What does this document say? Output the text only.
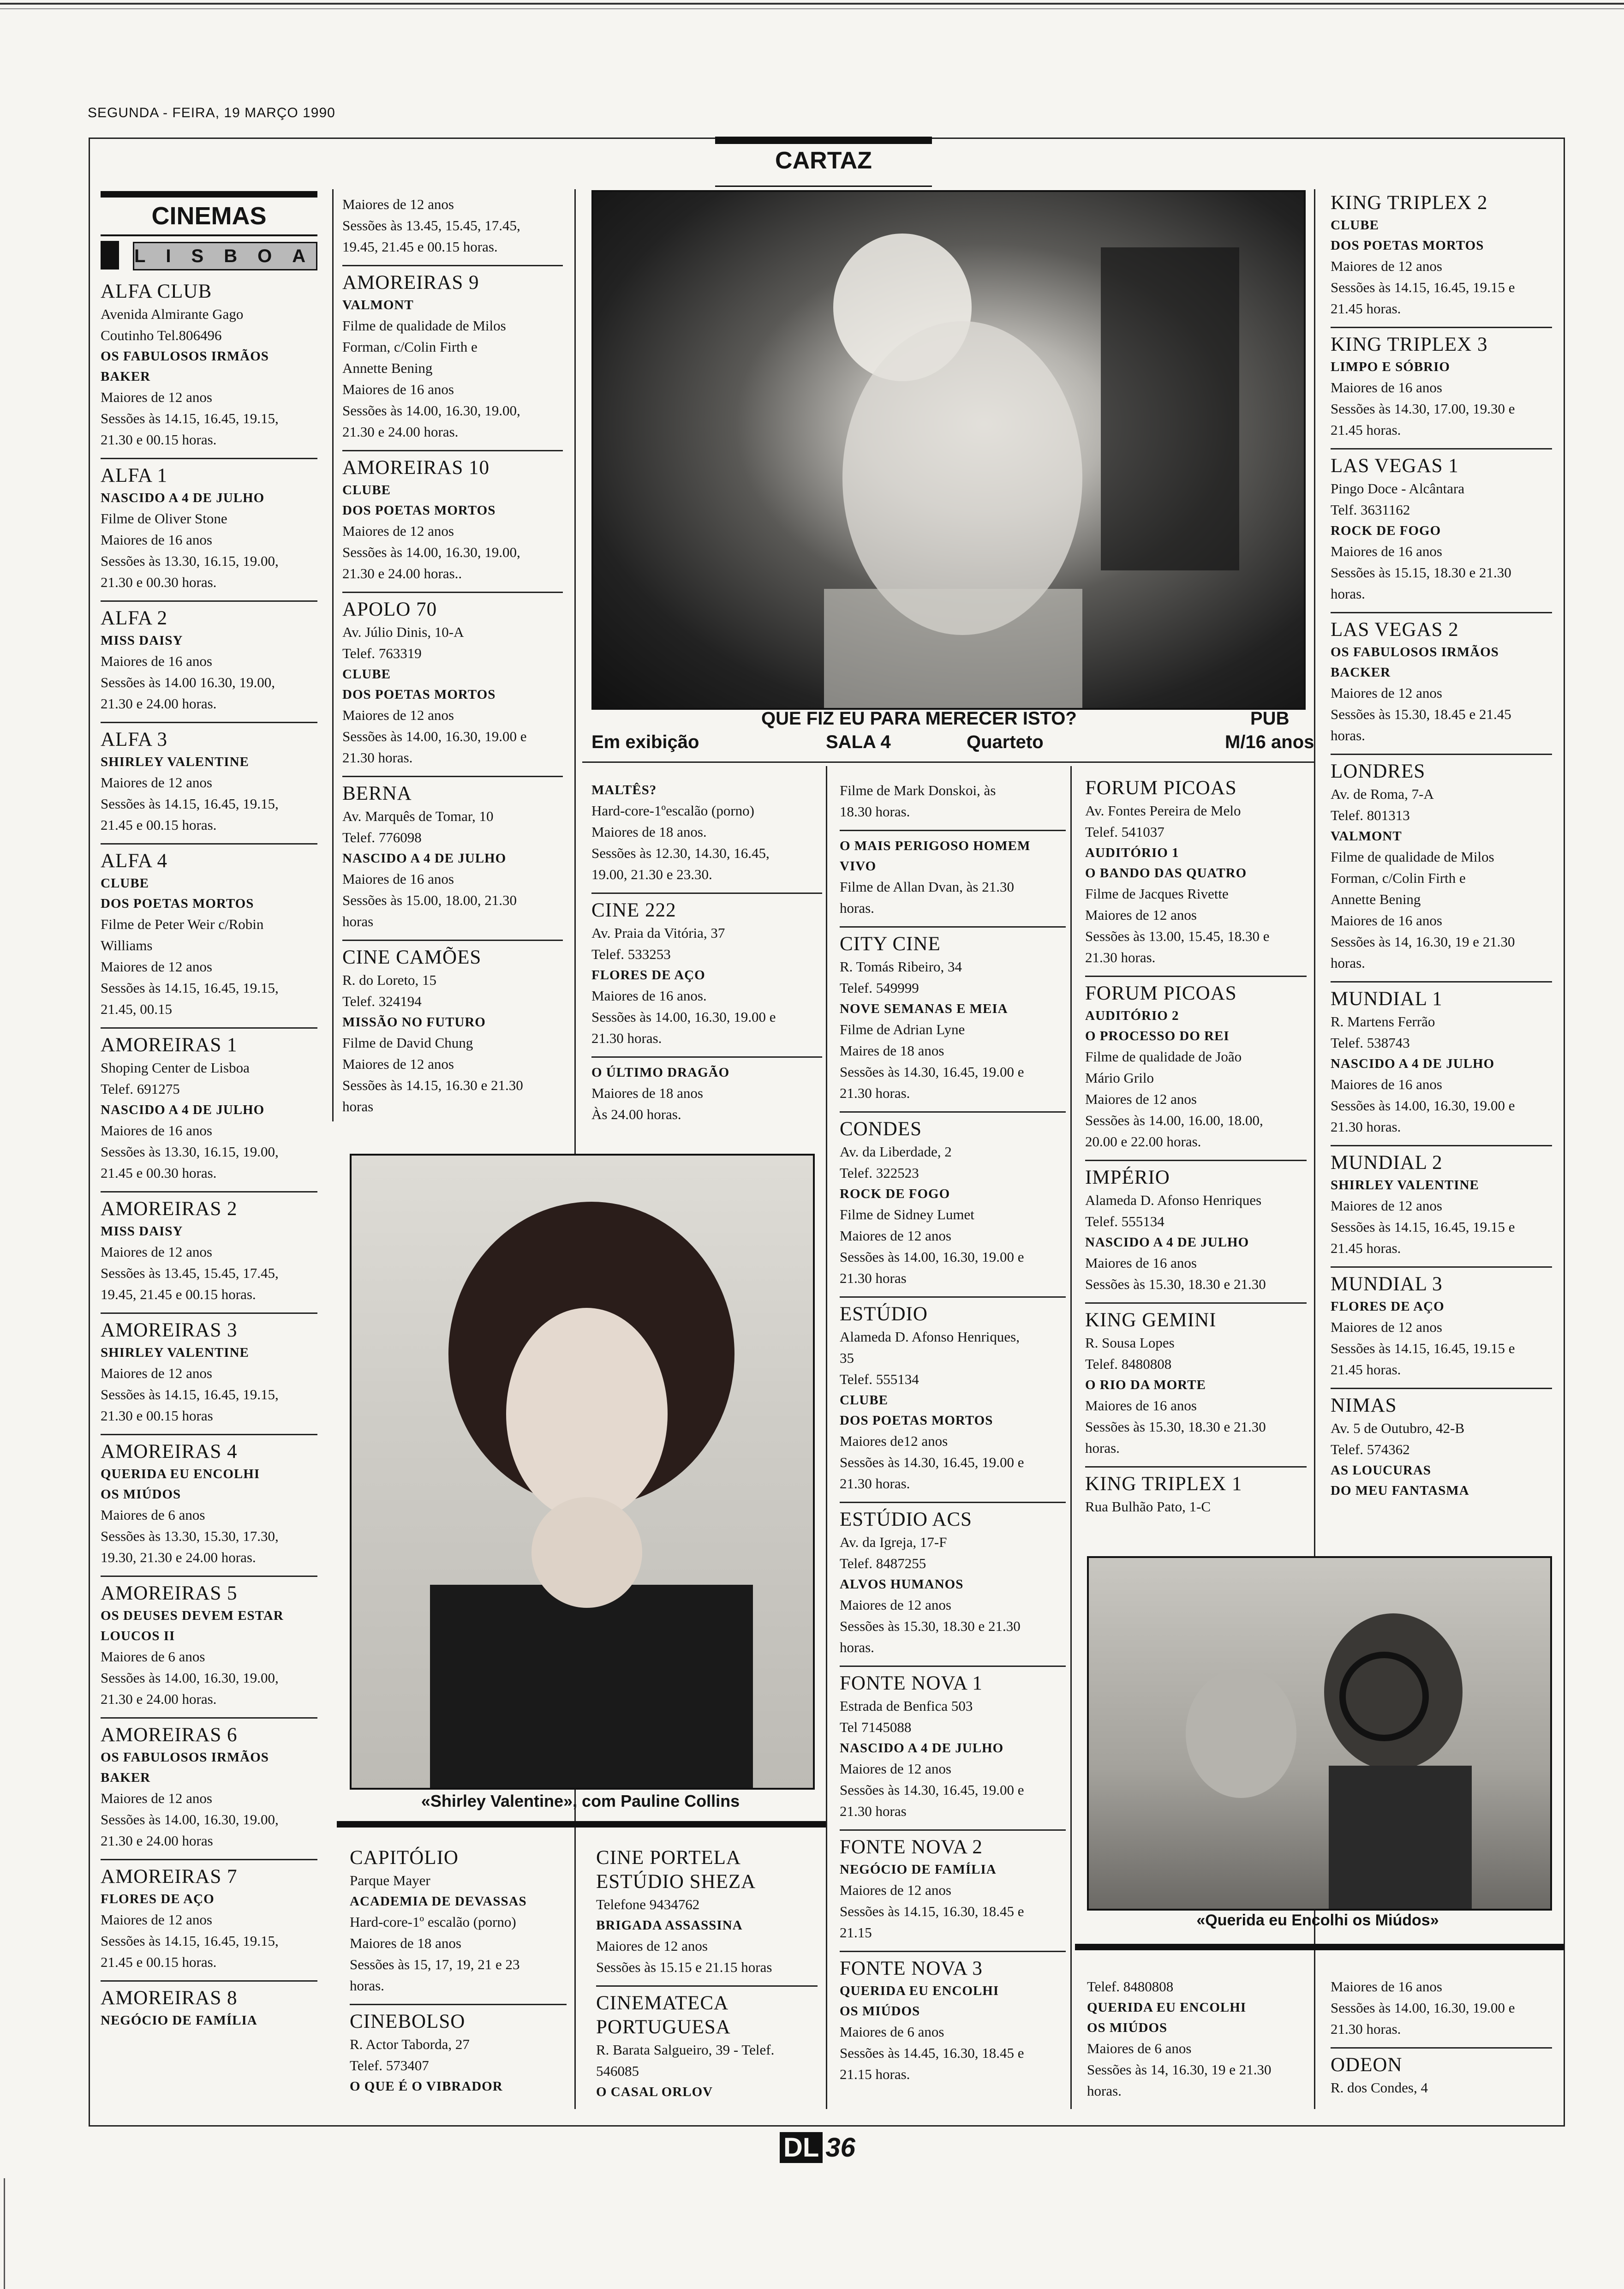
SEGUNDA - FEIRA, 19 MARÇO 1990
CARTAZ
CINEMAS
LISBOA
ALFA CLUB
Avenida Almirante Gago
Coutinho Tel.806496
OS FABULOSOS IRMÃOS
BAKER
Maiores de 12 anos
Sessões às 14.15, 16.45, 19.15,
21.30 e 00.15 horas.
ALFA 1
NASCIDO A 4 DE JULHO
Filme de Oliver Stone
Maiores de 16 anos
Sessões às 13.30, 16.15, 19.00,
21.30 e 00.30 horas.
ALFA 2
MISS DAISY
Maiores de 16 anos
Sessões às 14.00 16.30, 19.00,
21.30 e 24.00 horas.
ALFA 3
SHIRLEY VALENTINE
Maiores de 12 anos
Sessões às 14.15, 16.45, 19.15,
21.45 e 00.15 horas.
ALFA 4
CLUBE
DOS POETAS MORTOS
Filme de Peter Weir c/Robin
Williams
Maiores de 12 anos
Sessões às 14.15, 16.45, 19.15,
21.45, 00.15
AMOREIRAS 1
Shoping Center de Lisboa
Telef. 691275
NASCIDO A 4 DE JULHO
Maiores de 16 anos
Sessões às 13.30, 16.15, 19.00,
21.45 e 00.30 horas.
AMOREIRAS 2
MISS DAISY
Maiores de 12 anos
Sessões às 13.45, 15.45, 17.45,
19.45, 21.45 e 00.15 horas.
AMOREIRAS 3
SHIRLEY VALENTINE
Maiores de 12 anos
Sessões às 14.15, 16.45, 19.15,
21.30 e 00.15 horas
AMOREIRAS 4
QUERIDA EU ENCOLHI
OS MIÚDOS
Maiores de 6 anos
Sessões às 13.30, 15.30, 17.30,
19.30, 21.30 e 24.00 horas.
AMOREIRAS 5
OS DEUSES DEVEM ESTAR
LOUCOS II
Maiores de 6 anos
Sessões às 14.00, 16.30, 19.00,
21.30 e 24.00 horas.
AMOREIRAS 6
OS FABULOSOS IRMÃOS
BAKER
Maiores de 12 anos
Sessões às 14.00, 16.30, 19.00,
21.30 e 24.00 horas
AMOREIRAS 7
FLORES DE AÇO
Maiores de 12 anos
Sessões às 14.15, 16.45, 19.15,
21.45 e 00.15 horas.
AMOREIRAS 8
NEGÓCIO DE FAMÍLIA
Maiores de 12 anos
Sessões às 13.45, 15.45, 17.45,
19.45, 21.45 e 00.15 horas.
AMOREIRAS 9
VALMONT
Filme de qualidade de Milos
Forman, c/Colin Firth e
Annette Bening
Maiores de 16 anos
Sessões às 14.00, 16.30, 19.00,
21.30 e 24.00 horas.
AMOREIRAS 10
CLUBE
DOS POETAS MORTOS
Maiores de 12 anos
Sessões às 14.00, 16.30, 19.00,
21.30 e 24.00 horas..
APOLO 70
Av. Júlio Dinis, 10-A
Telef. 763319
CLUBE
DOS POETAS MORTOS
Maiores de 12 anos
Sessões às 14.00, 16.30, 19.00 e
21.30 horas.
BERNA
Av. Marquês de Tomar, 10
Telef. 776098
NASCIDO A 4 DE JULHO
Maiores de 16 anos
Sessões às 15.00, 18.00, 21.30
horas
CINE CAMÕES
R. do Loreto, 15
Telef. 324194
MISSÃO NO FUTURO
Filme de David Chung
Maiores de 12 anos
Sessões às 14.15, 16.30 e 21.30
horas
QUE FIZ EU PARA MERECER ISTO?	PUB
Em exibição	SALA 4	Quarteto	M/16 anos
MALTÊS?
Hard-core-1ºescalão (porno)
Maiores de 18 anos.
Sessões às 12.30, 14.30, 16.45,
19.00, 21.30 e 23.30.
CINE 222
Av. Praia da Vitória, 37
Telef. 533253
FLORES DE AÇO
Maiores de 16 anos.
Sessões às 14.00, 16.30, 19.00 e
21.30 horas.
O ÚLTIMO DRAGÃO
Maiores de 18 anos
Às 24.00 horas.
Filme de Mark Donskoi, às
18.30 horas.
O MAIS PERIGOSO HOMEM
VIVO
Filme de Allan Dvan, às 21.30
horas.
CITY CINE
R. Tomás Ribeiro, 34
Telef. 549999
NOVE SEMANAS E MEIA
Filme de Adrian Lyne
Maires de 18 anos
Sessões às 14.30, 16.45, 19.00 e
21.30 horas.
CONDES
Av. da Liberdade, 2
Telef. 322523
ROCK DE FOGO
Filme de Sidney Lumet
Maiores de 12 anos
Sessões às 14.00, 16.30, 19.00 e
21.30 horas
ESTÚDIO
Alameda D. Afonso Henriques,
35
Telef. 555134
CLUBE
DOS POETAS MORTOS
Maiores de12 anos
Sessões às 14.30, 16.45, 19.00 e
21.30 horas.
ESTÚDIO ACS
Av. da Igreja, 17-F
Telef. 8487255
ALVOS HUMANOS
Maiores de 12 anos
Sessões às 15.30, 18.30 e 21.30
horas.
FONTE NOVA 1
Estrada de Benfica 503
Tel 7145088
NASCIDO A 4 DE JULHO
Maiores de 12 anos
Sessões às 14.30, 16.45, 19.00 e
21.30 horas
FONTE NOVA 2
NEGÓCIO DE FAMÍLIA
Maiores de 12 anos
Sessões às 14.15, 16.30, 18.45 e
21.15
FONTE NOVA 3
QUERIDA EU ENCOLHI
OS MIÚDOS
Maiores de 6 anos
Sessões às 14.45, 16.30, 18.45 e
21.15 horas.
FORUM PICOAS
Av. Fontes Pereira de Melo
Telef. 541037
AUDITÓRIO 1
O BANDO DAS QUATRO
Filme de Jacques Rivette
Maiores de 12 anos
Sessões às 13.00, 15.45, 18.30 e
21.30 horas.
FORUM PICOAS
AUDITÓRIO 2
O PROCESSO DO REI
Filme de qualidade de João
Mário Grilo
Maiores de 12 anos
Sessões às 14.00, 16.00, 18.00,
20.00 e 22.00 horas.
IMPÉRIO
Alameda D. Afonso Henriques
Telef. 555134
NASCIDO A 4 DE JULHO
Maiores de 16 anos
Sessões às 15.30, 18.30 e 21.30
KING GEMINI
R. Sousa Lopes
Telef. 8480808
O RIO DA MORTE
Maiores de 16 anos
Sessões às 15.30, 18.30 e 21.30
horas.
KING TRIPLEX 1
Rua Bulhão Pato, 1-C
KING TRIPLEX 2
CLUBE
DOS POETAS MORTOS
Maiores de 12 anos
Sessões às 14.15, 16.45, 19.15 e
21.45 horas.
KING TRIPLEX 3
LIMPO E SÓBRIO
Maiores de 16 anos
Sessões às 14.30, 17.00, 19.30 e
21.45 horas.
LAS VEGAS 1
Pingo Doce - Alcântara
Telf. 3631162
ROCK DE FOGO
Maiores de 16 anos
Sessões às 15.15, 18.30 e 21.30
horas.
LAS VEGAS 2
OS FABULOSOS IRMÃOS
BACKER
Maiores de 12 anos
Sessões às 15.30, 18.45 e 21.45
horas.
LONDRES
Av. de Roma, 7-A
Telef. 801313
VALMONT
Filme de qualidade de Milos
Forman, c/Colin Firth e
Annette Bening
Maiores de 16 anos
Sessões às 14, 16.30, 19 e 21.30
horas.
MUNDIAL 1
R. Martens Ferrão
Telef. 538743
NASCIDO A 4 DE JULHO
Maiores de 16 anos
Sessões às 14.00, 16.30, 19.00 e
21.30 horas.
MUNDIAL 2
SHIRLEY VALENTINE
Maiores de 12 anos
Sessões às 14.15, 16.45, 19.15 e
21.45 horas.
MUNDIAL 3
FLORES DE AÇO
Maiores de 12 anos
Sessões às 14.15, 16.45, 19.15 e
21.45 horas.
NIMAS
Av. 5 de Outubro, 42-B
Telef. 574362
AS LOUCURAS
DO MEU FANTASMA
«Shirley Valentine», com Pauline Collins
CAPITÓLIO
Parque Mayer
ACADEMIA DE DEVASSAS
Hard-core-1º escalão (porno)
Maiores de 18 anos
Sessões às 15, 17, 19, 21 e 23
horas.
CINEBOLSO
R. Actor Taborda, 27
Telef. 573407
O QUE É O VIBRADOR
CINE PORTELA ESTÚDIO SHEZA
Telefone 9434762
BRIGADA ASSASSINA
Maiores de 12 anos
Sessões às 15.15 e 21.15 horas
CINEMATECA PORTUGUESA
R. Barata Salgueiro, 39 - Telef.
546085
O CASAL ORLOV
«Querida eu Encolhi os Miúdos»
Telef. 8480808
QUERIDA EU ENCOLHI
OS MIÚDOS
Maiores de 6 anos
Sessões às 14, 16.30, 19 e 21.30
horas.
Maiores de 16 anos
Sessões às 14.00, 16.30, 19.00 e
21.30 horas.
ODEON
R. dos Condes, 4
DL 36
